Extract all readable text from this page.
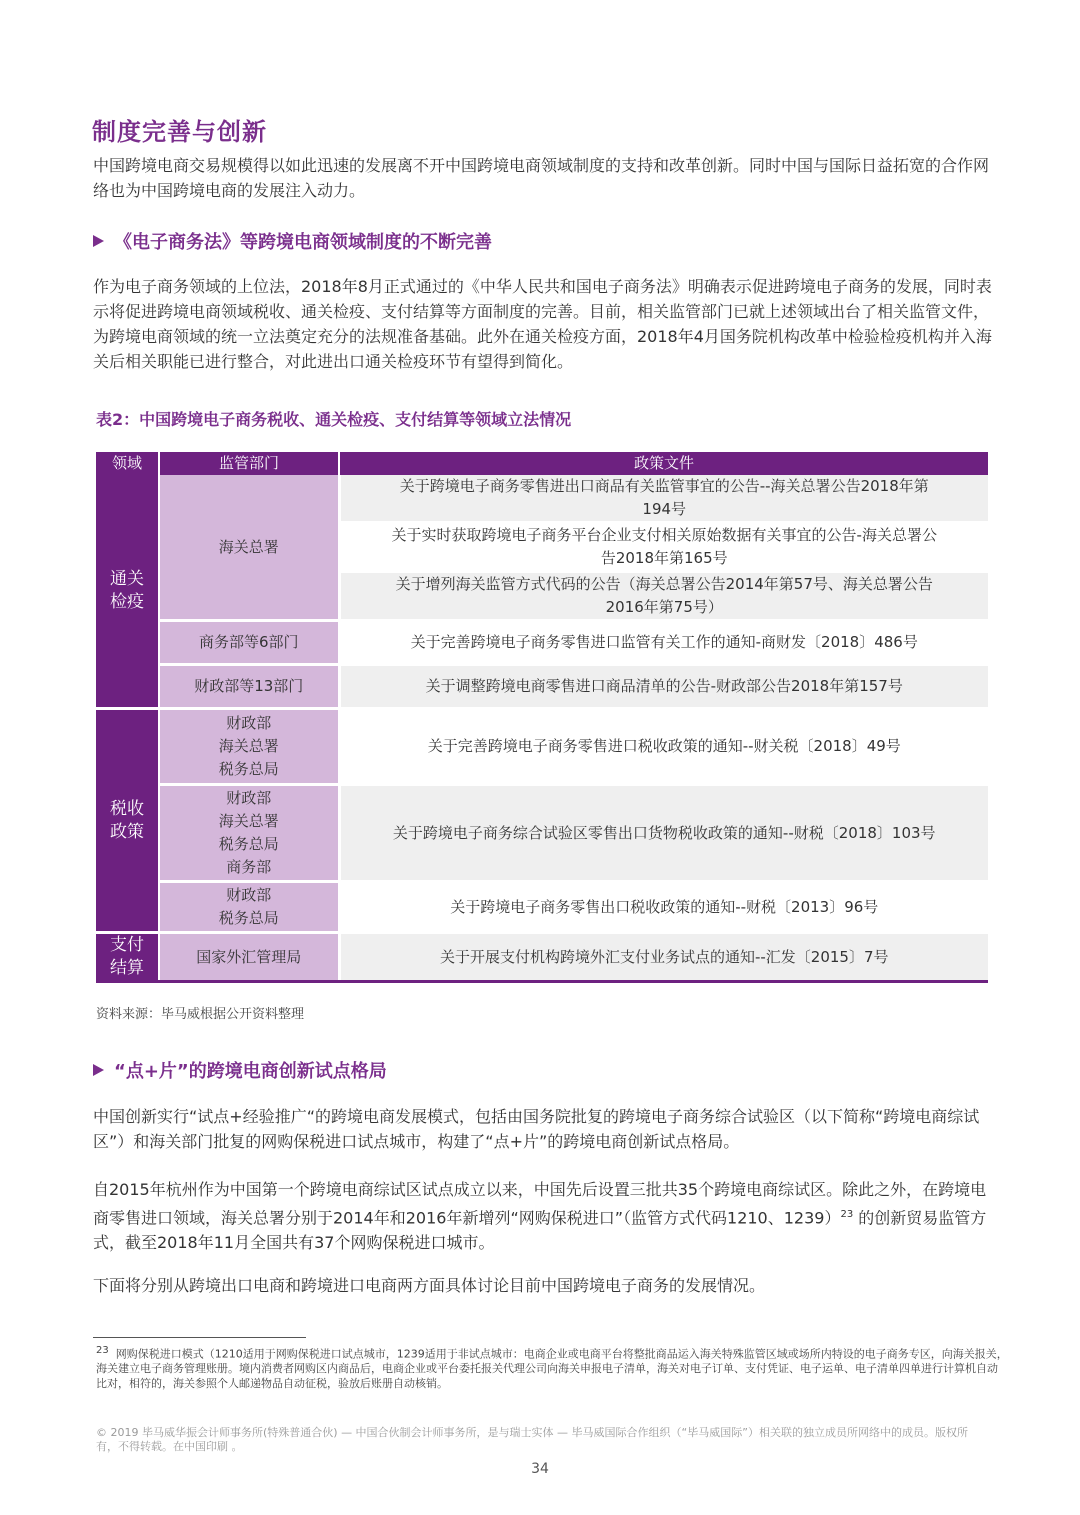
制度完善与创新

中国跨境电商交易规模得以如此迅速的发展离不开中国跨境电商领域制度的支持和改革创新。同时中国与国际日益拓宽的合作网络也为中国跨境电商的发展注入动力。

《电子商务法》等跨境电商领域制度的不断完善

作为电子商务领域的上位法，2018年8月正式通过的《中华人民共和国电子商务法》明确表示促进跨境电子商务的发展，同时表示将促进跨境电商领域税收、通关检疫、支付结算等方面制度的完善。目前，相关监管部门已就上述领域出台了相关监管文件，为跨境电商领域的统一立法奠定充分的法规准备基础。此外在通关检疫方面，2018年4月国务院机构改革中检验检疫机构并入海关后相关职能已进行整合，对此进出口通关检疫环节有望得到简化。

表2：中国跨境电子商务税收、通关检疫、支付结算等领域立法情况
领域	监管部门	政策文件
通关
检疫	海关总署	关于跨境电子商务零售进出口商品有关监管事宜的公告--海关总署公告2018年第
194号

		关于实时获取跨境电子商务平台企业支付相关原始数据有关事宜的公告-海关总署公
告2018年第165号

		关于增列海关监管方式代码的公告（海关总署公告2014年第57号、海关总署公告
2016年第75号）

	商务部等6部门	关于完善跨境电子商务零售进口监管有关工作的通知-商财发〔2018〕486号
	财政部等13部门	关于调整跨境电商零售进口商品清单的公告-财政部公告2018年第157号
税收
政策	财政部
海关总署
税务总局	关于完善跨境电子商务零售进口税收政策的通知--财关税〔2018〕49号
	财政部
海关总署
税务总局
商务部	关于跨境电子商务综合试验区零售出口货物税收政策的通知--财税〔2018〕103号
	财政部
税务总局	关于跨境电子商务零售出口税收政策的通知--财税〔2013〕96号
支付
结算	国家外汇管理局	关于开展支付机构跨境外汇支付业务试点的通知--汇发〔2015〕7号
资料来源：毕马威根据公开资料整理
“点+片”的跨境电商创新试点格局

中国创新实行“试点+经验推广“的跨境电商发展模式，包括由国务院批复的跨境电子商务综合试验区（以下简称“跨境电商综试区”）和海关部门批复的网购保税进口试点城市，构建了“点+片”的跨境电商创新试点格局。

自2015年杭州作为中国第一个跨境电商综试区试点成立以来，中国先后设置三批共35个跨境电商综试区。除此之外，在跨境电商零售进口领域，海关总署分别于2014年和2016年新增列“网购保税进口”（监管方式代码1210、1239）$^{23}$ 的创新贸易监管方式，截至2018年11月全国共有37个网购保税进口城市。

下面将分别从跨境出口电商和跨境进口电商两方面具体讨论目前中国跨境电子商务的发展情况。

$^{23}$ 网购保税进口模式（1210适用于网购保税进口试点城市，1239适用于非试点城市：电商企业或电商平台将整批商品运入海关特殊监管区域或场所内特设的电子商务专区，向海关报关，海关建立电子商务管理账册。境内消费者网购区内商品后，电商企业或平台委托报关代理公司向海关申报电子清单，海关对电子订单、支付凭证、电子运单、电子清单四单进行计算机自动比对，相符的，海关参照个人邮递物品自动征税，验放后账册自动核销。

© 2019 毕马威华振会计师事务所(特殊普通合伙) — 中国合伙制会计师事务所，是与瑞士实体 — 毕马威国际合作组织（“毕马威国际”）相关联的独立成员所网络中的成员。版权所有，不得转载。在中国印刷 。

34
